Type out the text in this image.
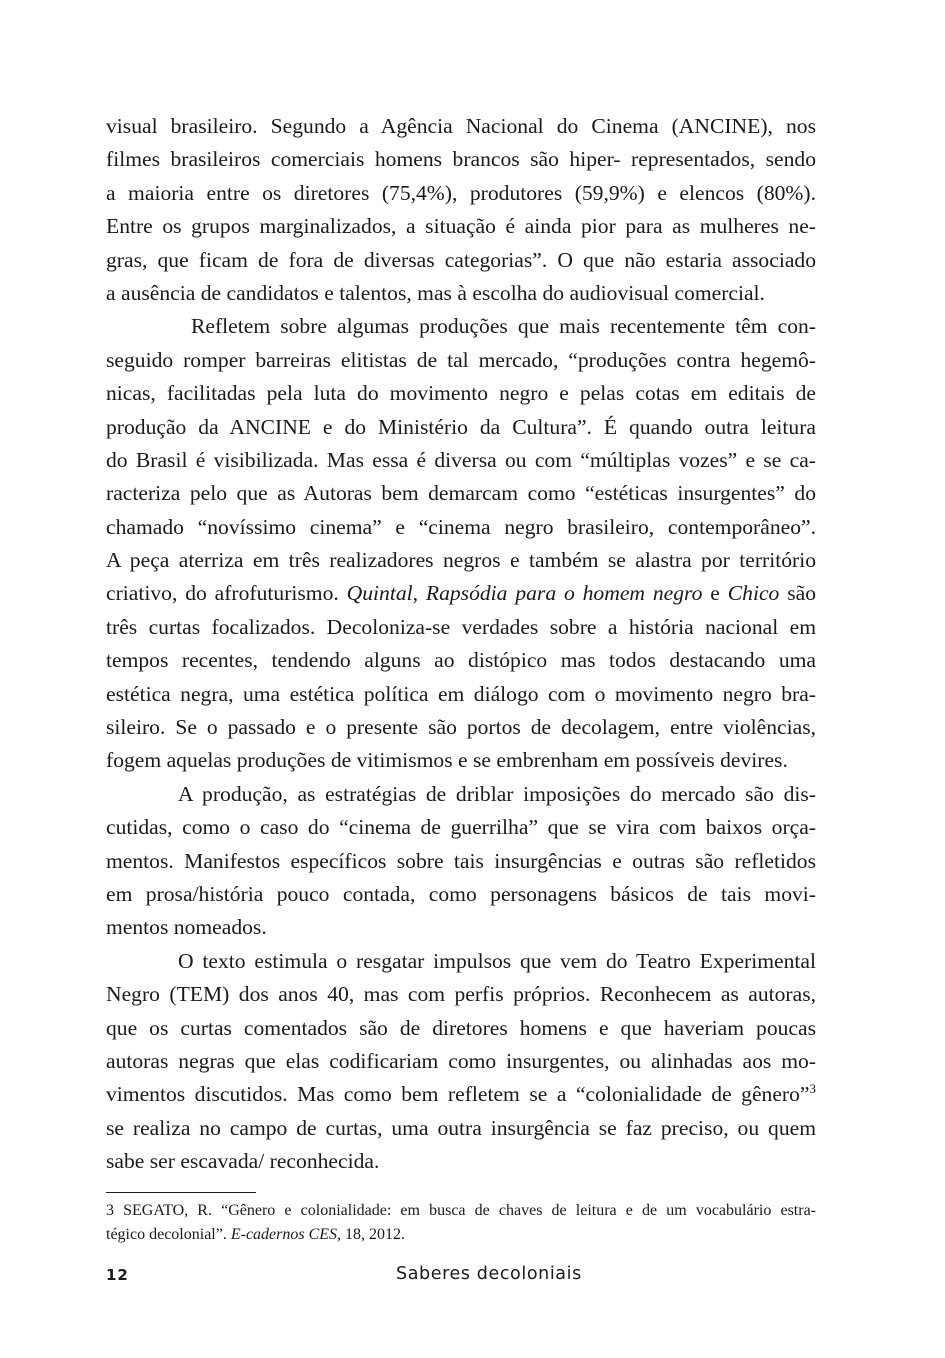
visual brasileiro. Segundo a Agência Nacional do Cinema (ANCINE), nos
filmes brasileiros comerciais homens brancos são hiper- representados, sendo
a maioria entre os diretores (75,4%), produtores (59,9%) e elencos (80%).
Entre os grupos marginalizados, a situação é ainda pior para as mulheres ne-
gras, que ficam de fora de diversas categorias”. O que não estaria associado
a ausência de candidatos e talentos, mas à escolha do audiovisual comercial.
Refletem sobre algumas produções que mais recentemente têm con-
seguido romper barreiras elitistas de tal mercado, “produções contra hegemô-
nicas, facilitadas pela luta do movimento negro e pelas cotas em editais de
produção da ANCINE e do Ministério da Cultura”. É quando outra leitura
do Brasil é visibilizada. Mas essa é diversa ou com “múltiplas vozes” e se ca-
racteriza pelo que as Autoras bem demarcam como “estéticas insurgentes” do
chamado “novíssimo cinema” e “cinema negro brasileiro, contemporâneo”.
A peça aterriza em três realizadores negros e também se alastra por território
criativo, do afrofuturismo. Quintal, Rapsódia para o homem negro e Chico são
três curtas focalizados. Decoloniza-se verdades sobre a história nacional em
tempos recentes, tendendo alguns ao distópico mas todos destacando uma
estética negra, uma estética política em diálogo com o movimento negro bra-
sileiro. Se o passado e o presente são portos de decolagem, entre violências,
fogem aquelas produções de vitimismos e se embrenham em possíveis devires.
A produção, as estratégias de driblar imposições do mercado são dis-
cutidas, como o caso do “cinema de guerrilha” que se vira com baixos orça-
mentos. Manifestos específicos sobre tais insurgências e outras são refletidos
em prosa/história pouco contada, como personagens básicos de tais movi-
mentos nomeados.
O texto estimula o resgatar impulsos que vem do Teatro Experimental
Negro (TEM) dos anos 40, mas com perfis próprios. Reconhecem as autoras,
que os curtas comentados são de diretores homens e que haveriam poucas
autoras negras que elas codificariam como insurgentes, ou alinhadas aos mo-
vimentos discutidos. Mas como bem refletem se a “colonialidade de gênero”$^3$
se realiza no campo de curtas, uma outra insurgência se faz preciso, ou quem
sabe ser escavada/ reconhecida.
3 SEGATO, R. “Gênero e colonialidade: em busca de chaves de leitura e de um vocabulário estra-
tégico decolonial”. E-cadernos CES, 18, 2012.
12	Saberes decoloniais
